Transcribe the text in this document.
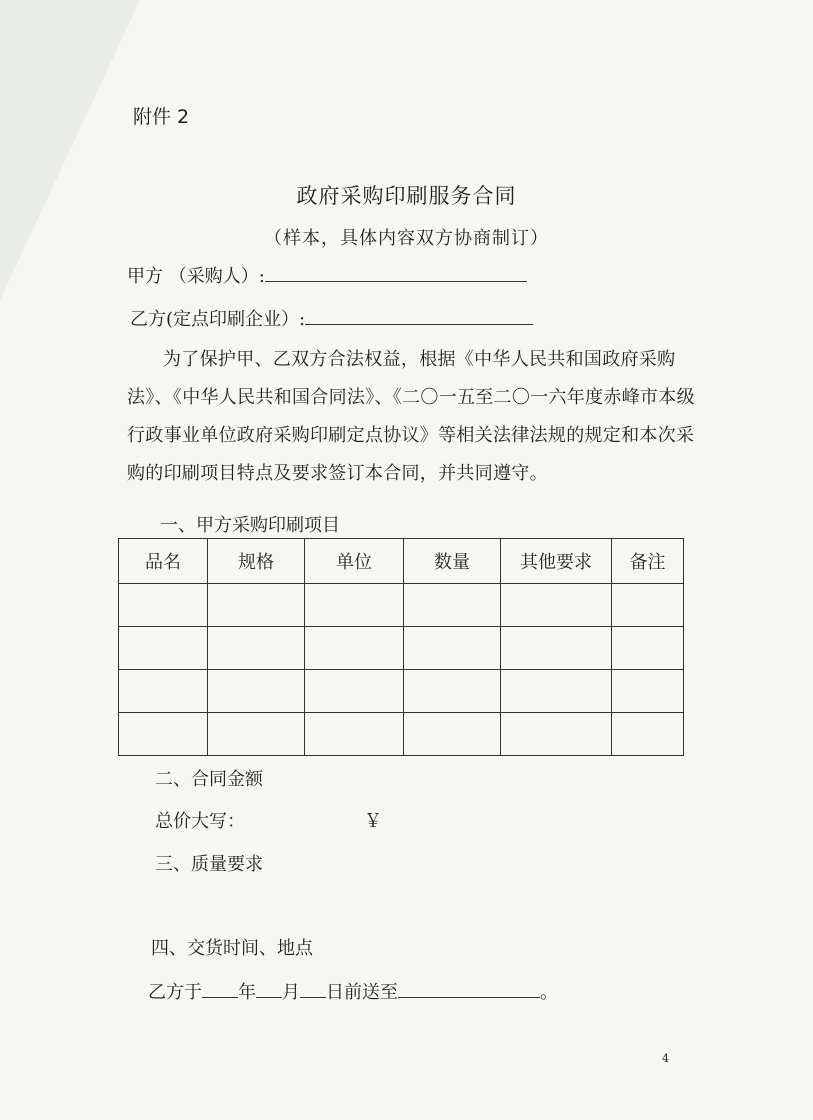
附件 2
政府采购印刷服务合同
（样本，具体内容双方协商制订）
甲方 （采购人）:
乙方(定点印刷企业）:
为了保护甲、乙双方合法权益，根据《中华人民共和国政府采购法》、《中华人民共和国合同法》、《二〇一五至二〇一六年度赤峰市本级行政事业单位政府采购印刷定点协议》等相关法律法规的规定和本次采购的印刷项目特点及要求签订本合同，并共同遵守。
一、甲方采购印刷项目
品名	规格	单位	数量	其他要求	备注

二、合同金额
总价大写：	￥
三、质量要求
四、交货时间、地点
乙方于 年 月 日前送至	。
4
